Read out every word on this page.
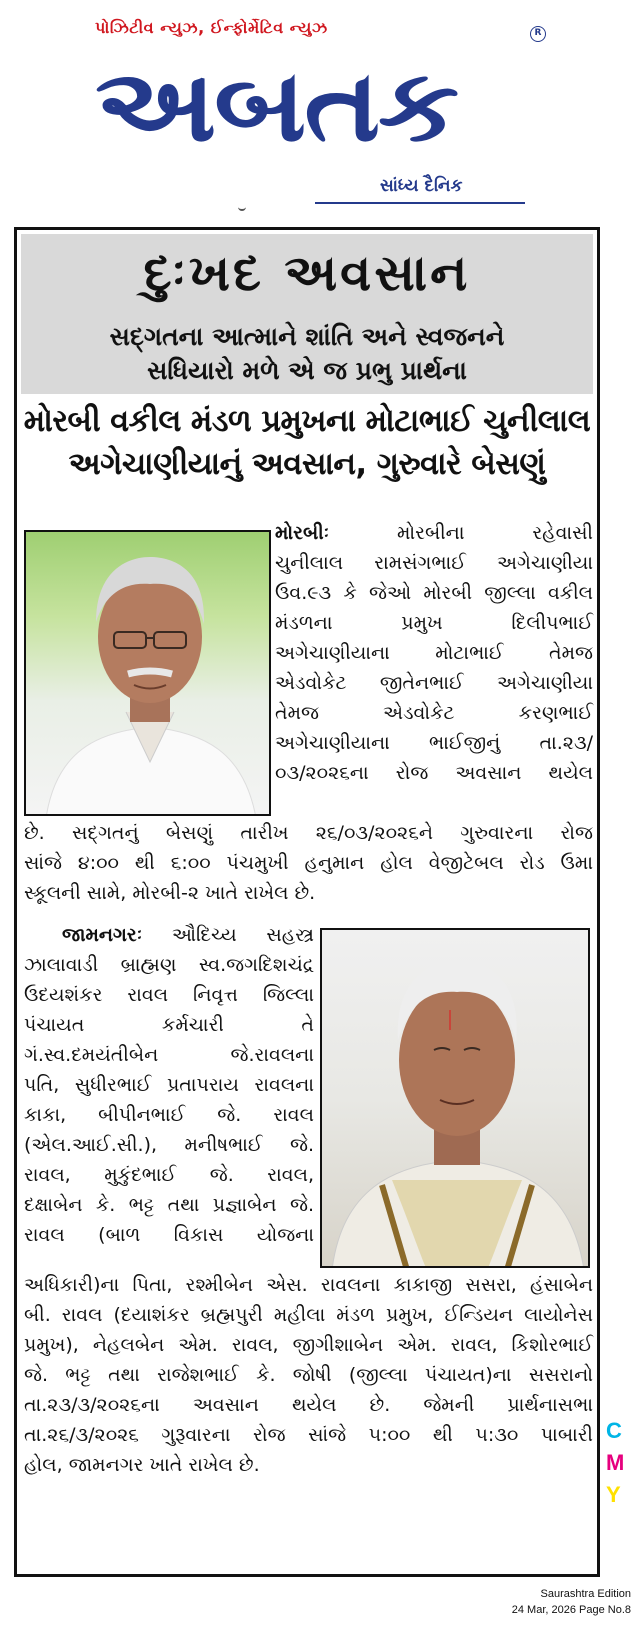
પોઝિટીવ ન્યુઝ, ઈન્ફોર્મેટિવ ન્યુઝ	R
અબતક
સાંધ્ય દૈનિક
દુઃખદ અવસાન
સદ્ગતના આત્માને શાંતિ અને સ્વજનને
સધિયારો મળે એ જ પ્રભુ પ્રાર્થના
મોરબી વકીલ મંડળ પ્રમુખના મોટાભાઈ ચુનીલાલ
અગેચાણીયાનું અવસાન, ગુરુવારે બેસણું
મોરબીઃ	મોરબીના રહેવાસી
ચુનીલાલ રામસંગભાઈ અગેચાણીયા
ઉવ.૯૩ કે જેઓ મોરબી જીલ્લા વકીલ
મંડળના પ્રમુખ દિલીપભાઈ
અગેચાણીયાના મોટાભાઈ તેમજ
એડવોકેટ જીતેનભાઈ અગેચાણીયા
તેમજ એડવોકેટ કરણભાઈ
અગેચાણીયાના ભાઈજીનું તા.૨૩/
૦૩/૨૦૨૬ના રોજ અવસાન થયેલ
છે. સદ્ગતનું બેસણું તારીખ ૨૬/૦૩/૨૦૨૬ને ગુરુવારના રોજ
સાંજે ૪:૦૦ થી ૬:૦૦ પંચમુખી હનુમાન હોલ વેજીટેબલ રોડ ઉમા
સ્કૂલની સામે, મોરબી-૨ ખાતે રાખેલ છે.
જામનગરઃ ઔદિચ્ય સહસ્ત્ર
ઝાલાવાડી બ્રાહ્મણ સ્વ.જગદિશચંદ્ર
ઉદયશંકર રાવલ નિવૃત્ત જિલ્લા
પંચાયત કર્મચારી તે
ગં.સ્વ.દમયંતીબેન જે.રાવલના
પતિ, સુધીરભાઈ પ્રતાપરાય રાવલના
કાકા, બીપીનભાઈ જે. રાવલ
(એલ.આઈ.સી.), મનીષભાઈ જે.
રાવલ, મુકુંદભાઈ જે. રાવલ,
દક્ષાબેન કે. ભટ્ટ તથા પ્રજ્ઞાબેન જે.
રાવલ (બાળ વિકાસ યોજના
અધિકારી)ના પિતા, રશ્મીબેન એસ. રાવલના કાકાજી સસરા, હંસાબેન
બી. રાવલ (દયાશંકર બ્રહ્મપુરી મહીલા મંડળ પ્રમુખ, ઈન્ડિયન લાયોનેસ
પ્રમુખ), નેહલબેન એમ. રાવલ, જીગીશાબેન એમ. રાવલ, કિશોરભાઈ
જે. ભટ્ટ તથા રાજેશભાઈ કે. જોષી (જીલ્લા પંચાયત)ના સસરાનો
તા.૨૩/૩/૨૦૨૬ના અવસાન થયેલ છે. જેમની પ્રાર્થનાસભા
તા.૨૬/૩/૨૦૨૬ ગુરૂવારના રોજ સાંજે ૫:૦૦ થી ૫:૩૦ પાબારી
હોલ, જામનગર ખાતે રાખેલ છે.
C
M
Y
Saurashtra Edition
24 Mar, 2026 Page No.8
